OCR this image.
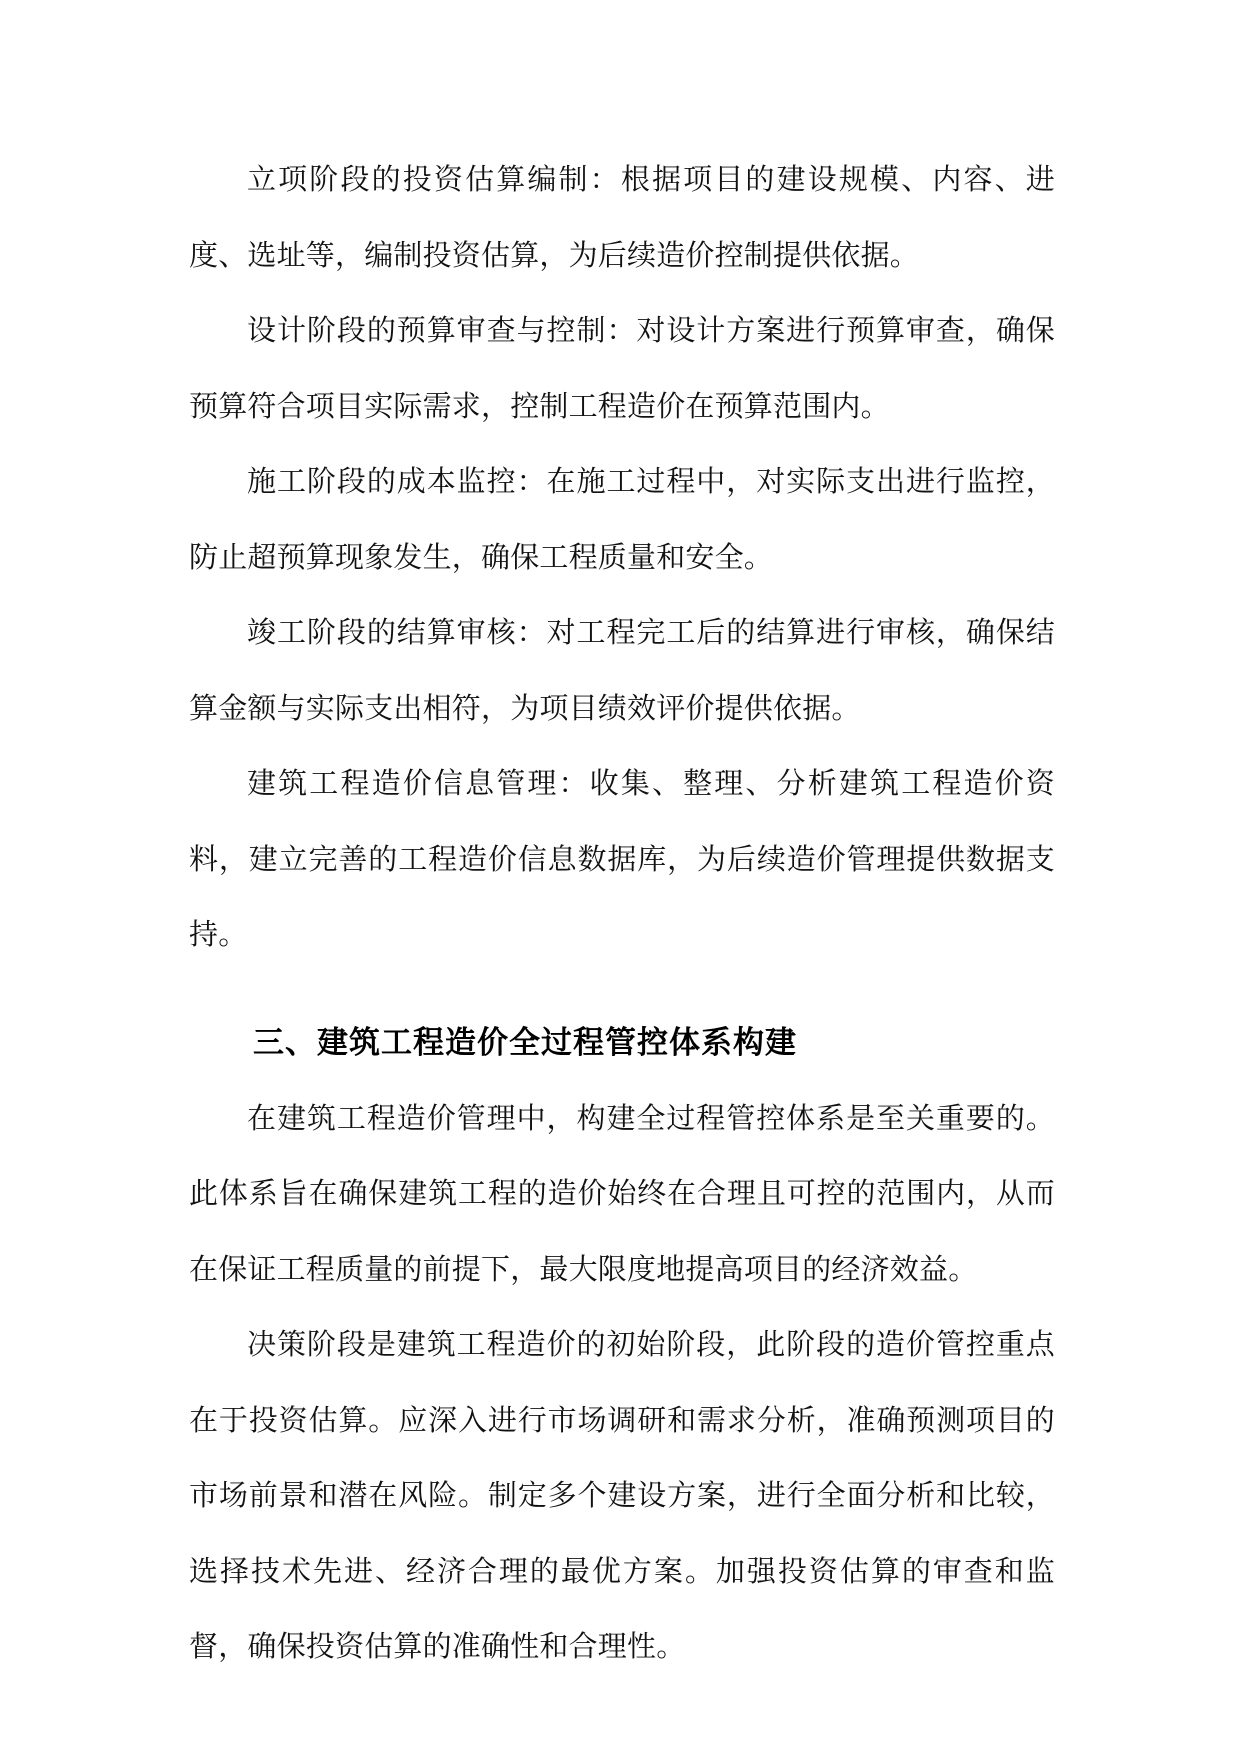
立项阶段的投资估算编制：根据项目的建设规模、内容、进度、选址等，编制投资估算，为后续造价控制提供依据。

设计阶段的预算审查与控制：对设计方案进行预算审查，确保预算符合项目实际需求，控制工程造价在预算范围内。

施工阶段的成本监控：在施工过程中，对实际支出进行监控，防止超预算现象发生，确保工程质量和安全。

竣工阶段的结算审核：对工程完工后的结算进行审核，确保结算金额与实际支出相符，为项目绩效评价提供依据。

建筑工程造价信息管理：收集、整理、分析建筑工程造价资料，建立完善的工程造价信息数据库，为后续造价管理提供数据支持。

三、建筑工程造价全过程管控体系构建

在建筑工程造价管理中，构建全过程管控体系是至关重要的。此体系旨在确保建筑工程的造价始终在合理且可控的范围内，从而在保证工程质量的前提下，最大限度地提高项目的经济效益。

决策阶段是建筑工程造价的初始阶段，此阶段的造价管控重点在于投资估算。应深入进行市场调研和需求分析，准确预测项目的市场前景和潜在风险。制定多个建设方案，进行全面分析和比较，选择技术先进、经济合理的最优方案。加强投资估算的审查和监督，确保投资估算的准确性和合理性。
